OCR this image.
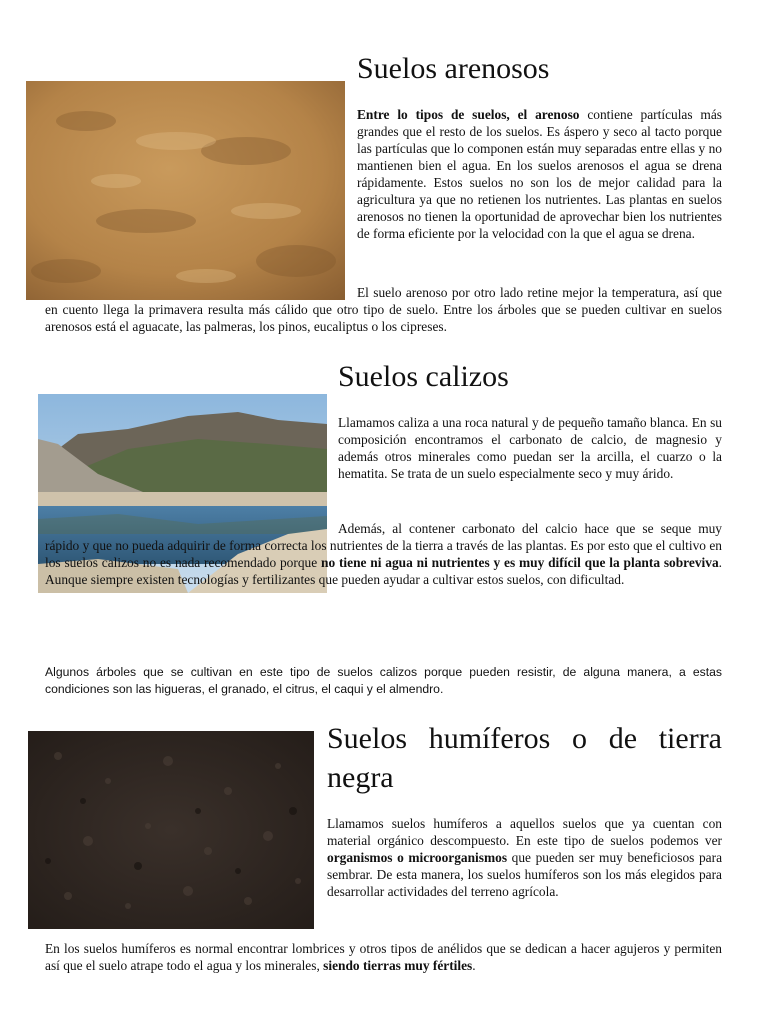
Suelos arenosos

Entre lo tipos de suelos, el arenoso contiene partículas más grandes que el resto de los suelos. Es áspero y seco al tacto porque las partículas que lo componen están muy separadas entre ellas y no mantienen bien el agua. En los suelos arenosos el agua se drena rápidamente. Estos suelos no son los de mejor calidad para la agricultura ya que no retienen los nutrientes. Las plantas en suelos arenosos no tienen la oportunidad de aprovechar bien los nutrientes de forma eficiente por la velocidad con la que el agua se drena.

El suelo arenoso por otro lado retine mejor la temperatura, así que en cuento llega la primavera resulta más cálido que otro tipo de suelo. Entre los árboles que se pueden cultivar en suelos arenosos está el aguacate, las palmeras, los pinos, eucaliptus o los cipreses.

Suelos calizos

Llamamos caliza a una roca natural y de pequeño tamaño blanca. En su composición encontramos el carbonato de calcio, de magnesio y además otros minerales como puedan ser la arcilla, el cuarzo o la hematita. Se trata de un suelo especialmente seco y muy árido.

Además, al contener carbonato del calcio hace que se seque muy rápido y que no pueda adquirir de forma correcta los nutrientes de la tierra a través de las plantas. Es por esto que el cultivo en los suelos calizos no es nada recomendado porque no tiene ni agua ni nutrientes y es muy difícil que la planta sobreviva. Aunque siempre existen tecnologías y fertilizantes que pueden ayudar a cultivar estos suelos, con dificultad.

Algunos árboles que se cultivan en este tipo de suelos calizos porque pueden resistir, de alguna manera, a estas condiciones son las higueras, el granado, el citrus, el caqui y el almendro.

Suelos humíferos o de tierra negra

Llamamos suelos humíferos a aquellos suelos que ya cuentan con material orgánico descompuesto. En este tipo de suelos podemos ver organismos o microorganismos que pueden ser muy beneficiosos para sembrar. De esta manera, los suelos humíferos son los más elegidos para desarrollar actividades del terreno agrícola.

En los suelos humíferos es normal encontrar lombrices y otros tipos de anélidos que se dedican a hacer agujeros y permiten así que el suelo atrape todo el agua y los minerales, siendo tierras muy fértiles.
